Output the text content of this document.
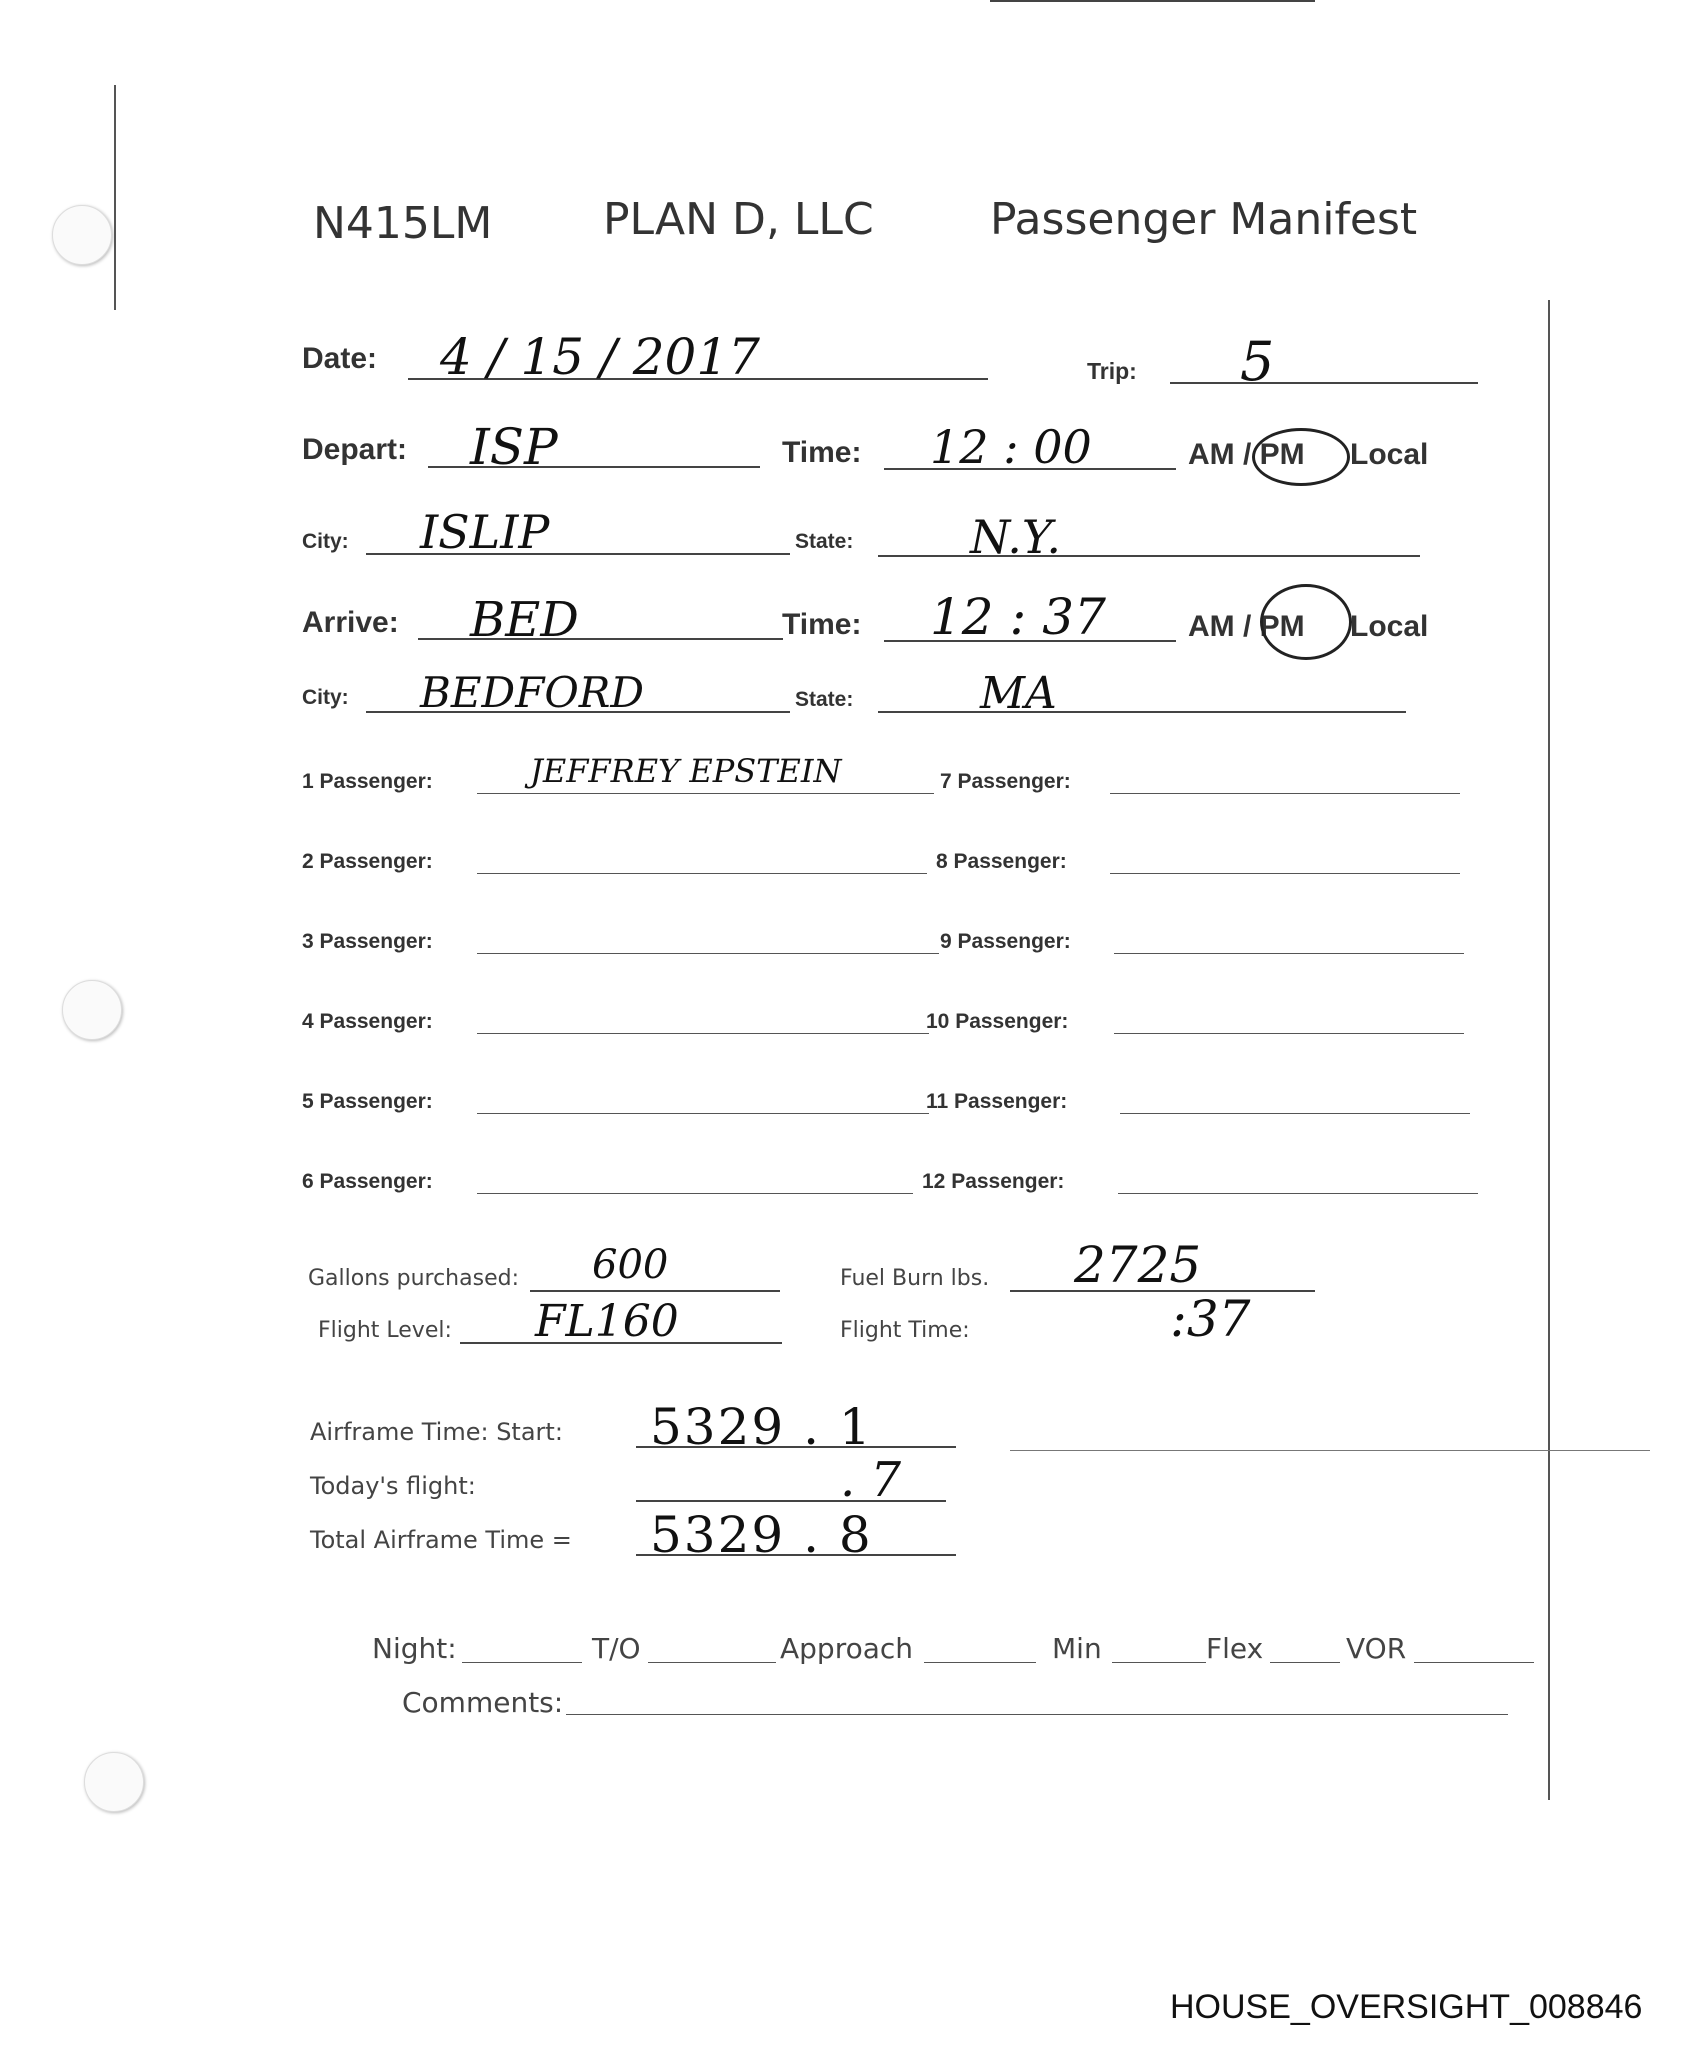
N415LM	PLAN D, LLC	Passenger Manifest
Date: 4 / 15 / 2017	Trip: 5
Depart: ISP	Time: 12 : 00	AM / PM Local
City: ISLIP	State:	N.Y.
Arrive: BED	Time: 12 : 37	AM / PM Local
City: BEDFORD	State:	MA
1 Passenger:	JEFFREY EPSTEIN
2 Passenger:
3 Passenger:
4 Passenger:
5 Passenger:
6 Passenger:
7 Passenger:
8 Passenger:
9 Passenger:
10 Passenger:
11 Passenger:
12 Passenger:
Gallons purchased: 600	Fuel Burn lbs. 2725
Flight Level: FL160	Flight Time:	:37
Airframe Time: Start: 5329 . 1
Today's flight:	. 7
Total Airframe Time = 5329 . 8
Night:	T/O	Approach	Min	Flex	VOR
Comments:
HOUSE_OVERSIGHT_008846
